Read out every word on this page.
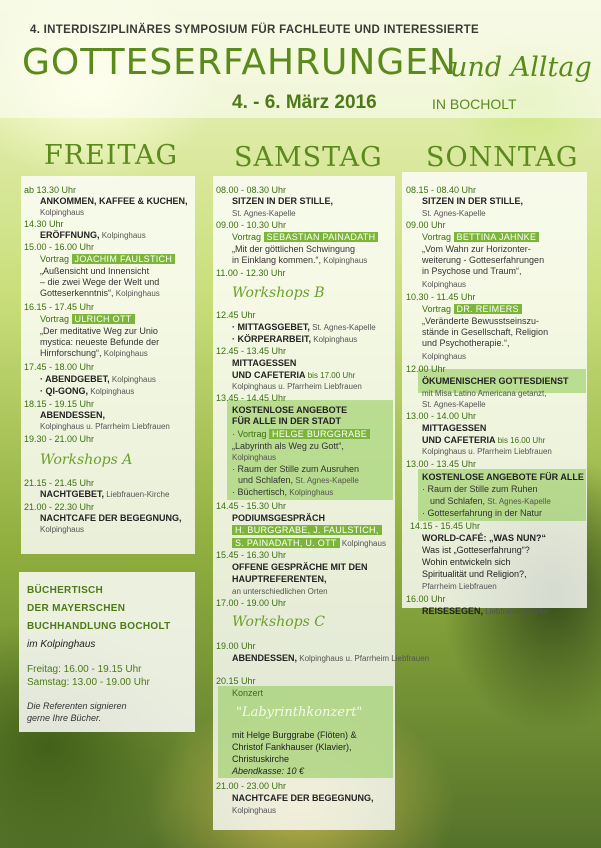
4. INTERDISZIPLINÄRES SYMPOSIUM FÜR FACHLEUTE UND INTERESSIERTE
GOTTESERFAHRUNGEN
– und Alltag
4. - 6. März 2016	IN BOCHOLT
FREITAG SAMSTAG SONNTAG
ab 13.30 Uhr
ANKOMMEN, KAFFEE & KUCHEN,
Kolpinghaus
14.30 Uhr
ERÖFFNUNG, Kolpinghaus
15.00 - 16.00 Uhr
Vortrag JOACHIM FAULSTICH
„Außensicht und Innensicht
– die zwei Wege der Welt und
Gotteserkenntnis“, Kolpinghaus
16.15 - 17.45 Uhr
Vortrag ULRICH OTT
„Der meditative Weg zur Unio
mystica: neueste Befunde der
Hirnforschung“, Kolpinghaus
17.45 - 18.00 Uhr
· ABENDGEBET, Kolpinghaus
· QI-GONG, Kolpinghaus
18.15 - 19.15 Uhr
ABENDESSEN,
Kolpinghaus u. Pfarrheim Liebfrauen
19.30 - 21.00 Uhr
Workshops A
21.15 - 21.45 Uhr
NACHTGEBET, Liebfrauen-Kirche
21.00 - 22.30 Uhr
NACHTCAFE DER BEGEGNUNG,
Kolpinghaus
BÜCHERTISCH
DER MAYERSCHEN
BUCHHANDLUNG BOCHOLT
im Kolpinghaus
Freitag: 16.00 - 19.15 Uhr
Samstag: 13.00 - 19.00 Uhr
Die Referenten signieren
gerne Ihre Bücher.
08.00 - 08.30 Uhr
SITZEN IN DER STILLE,
St. Agnes-Kapelle
09.00 - 10.30 Uhr
Vortrag SEBASTIAN PAINADATH
„Mit der göttlichen Schwingung
in Einklang kommen.“, Kolpinghaus
11.00 - 12.30 Uhr
Workshops B
12.45 Uhr
· MITTAGSGEBET, St. Agnes-Kapelle
· KÖRPERARBEIT, Kolpinghaus
12.45 - 13.45 Uhr
MITTAGESSEN
UND CAFETERIA bis 17.00 Uhr
Kolpinghaus u. Pfarrheim Liebfrauen
13.45 - 14.45 Uhr
KOSTENLOSE ANGEBOTE
FÜR ALLE IN DER STADT
· Vortrag HELGE BURGGRABE
„Labyrinth als Weg zu Gott“,
Kolpinghaus
· Raum der Stille zum Ausruhen
und Schlafen, St. Agnes-Kapelle
· Büchertisch, Kolpinghaus
14.45 - 15.30 Uhr
PODIUMSGESPRÄCH
H. BURGGRABE, J. FAULSTICH,
S. PAINADATH, U. OTT Kolpinghaus
15.45 - 16.30 Uhr
OFFENE GESPRÄCHE MIT DEN
HAUPTREFERENTEN,
an unterschiedlichen Orten
17.00 - 19.00 Uhr
Workshops C
19.00 Uhr
ABENDESSEN, Kolpinghaus u. Pfarrheim Liebfrauen
20.15 Uhr
Konzert
"Labyrinthkonzert"
mit Helge Burggrabe (Flöten) &
Christof Fankhauser (Klavier),
Christuskirche
Abendkasse: 10 €
21.00 - 23.00 Uhr
NACHTCAFE DER BEGEGNUNG,
Kolpinghaus
08.15 - 08.40 Uhr
SITZEN IN DER STILLE,
St. Agnes-Kapelle
09.00 Uhr
Vortrag BETTINA JAHNKE
„Vom Wahn zur Horizonter-
weiterung - Gotteserfahrungen
in Psychose und Traum“,
Kolpinghaus
10.30 - 11.45 Uhr
Vortrag DR. REIMERS
„Veränderte Bewusstseinszu-
stände in Gesellschaft, Religion
und Psychotherapie.“,
Kolpinghaus
12.00 Uhr
ÖKUMENISCHER GOTTESDIENST
mit Misa Latino Americana getanzt,
St. Agnes-Kapelle
13.00 - 14.00 Uhr
MITTAGESSEN
UND CAFETERIA bis 16.00 Uhr
Kolpinghaus u. Pfarrheim Liebfrauen
13.00 - 13.45 Uhr
KOSTENLOSE ANGEBOTE FÜR ALLE
· Raum der Stille zum Ruhen
und Schlafen, St. Agnes-Kapelle
· Gotteserfahrung in der Natur
14.15 - 15.45 Uhr
WORLD-CAFÉ: „WAS NUN?“
Was ist „Gotteserfahrung“?
Wohin entwickeln sich
Spiritualität und Religion?,
Pfarrheim Liebfrauen
16.00 Uhr
REISESEGEN, Liebfrauen-Kirche
